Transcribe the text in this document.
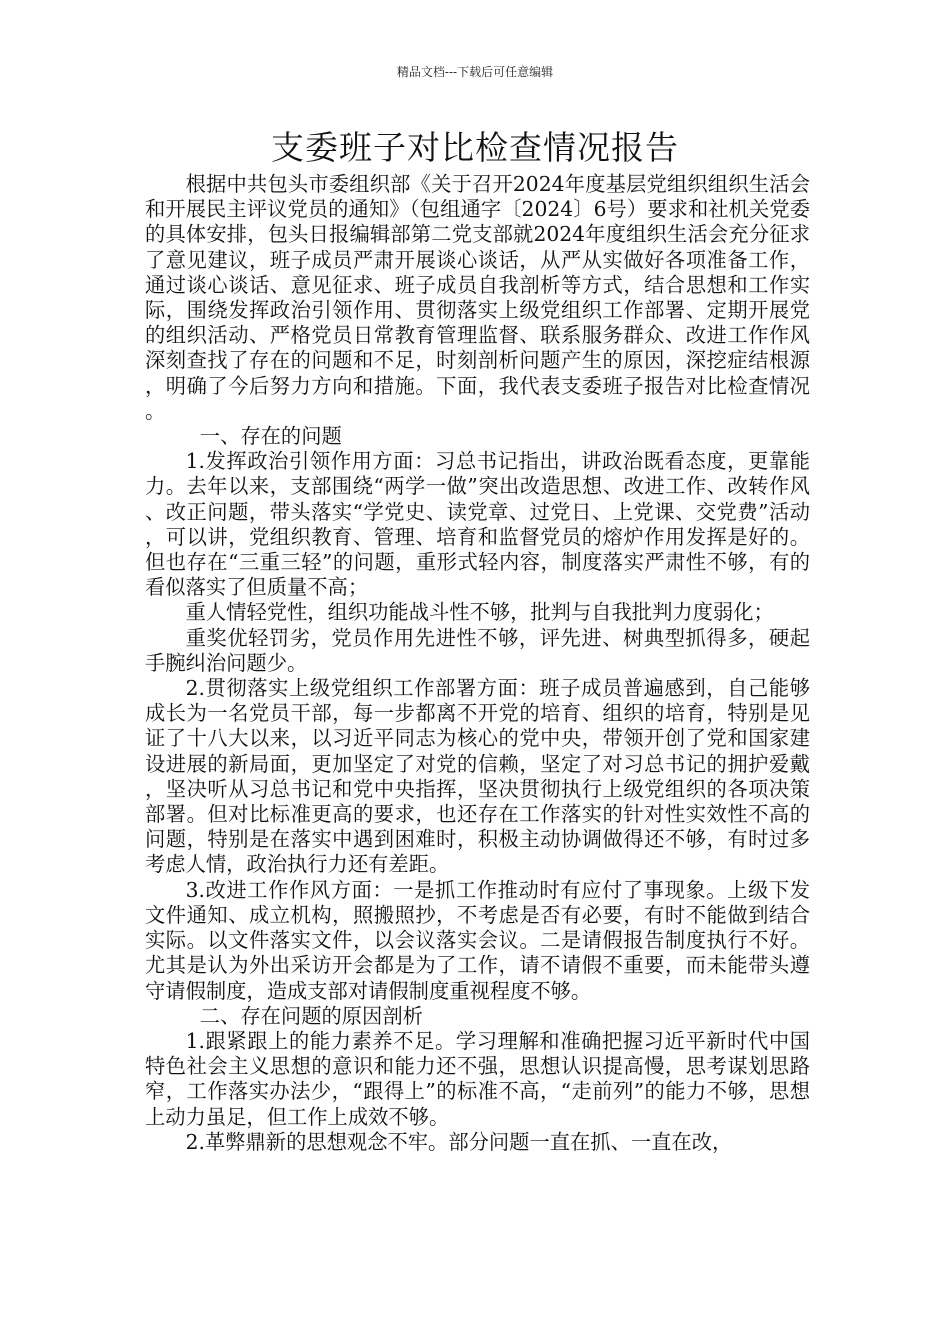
精品文档---下载后可任意编辑
支委班子对比检查情况报告

根据中共包头市委组织部《关于召开2024年度基层党组织组织生活会和开展民主评议党员的通知》（包组通字〔2024〕6号）要求和社机关党委的具体安排，包头日报编辑部第二党支部就2024年度组织生活会充分征求了意见建议，班子成员严肃开展谈心谈话，从严从实做好各项准备工作，通过谈心谈话、意见征求、班子成员自我剖析等方式，结合思想和工作实际，围绕发挥政治引领作用、贯彻落实上级党组织工作部署、定期开展党的组织活动、严格党员日常教育管理监督、联系服务群众、改进工作作风深刻查找了存在的问题和不足，时刻剖析问题产生的原因，深挖症结根源，明确了今后努力方向和措施。下面，我代表支委班子报告对比检查情况。

一、存在的问题

1.发挥政治引领作用方面：习总书记指出，讲政治既看态度，更靠能力。去年以来，支部围绕“两学一做”突出改造思想、改进工作、改转作风、改正问题，带头落实“学党史、读党章、过党日、上党课、交党费”活动，可以讲，党组织教育、管理、培育和监督党员的熔炉作用发挥是好的。但也存在“三重三轻”的问题，重形式轻内容，制度落实严肃性不够，有的看似落实了但质量不高；

重人情轻党性，组织功能战斗性不够，批判与自我批判力度弱化；

重奖优轻罚劣，党员作用先进性不够，评先进、树典型抓得多，硬起手腕纠治问题少。

2.贯彻落实上级党组织工作部署方面：班子成员普遍感到，自己能够成长为一名党员干部，每一步都离不开党的培育、组织的培育，特别是见证了十八大以来，以习近平同志为核心的党中央，带领开创了党和国家建设进展的新局面，更加坚定了对党的信赖，坚定了对习总书记的拥护爱戴，坚决听从习总书记和党中央指挥，坚决贯彻执行上级党组织的各项决策部署。但对比标准更高的要求，也还存在工作落实的针对性实效性不高的问题，特别是在落实中遇到困难时，积极主动协调做得还不够，有时过多考虑人情，政治执行力还有差距。

3.改进工作作风方面：一是抓工作推动时有应付了事现象。上级下发文件通知、成立机构，照搬照抄，不考虑是否有必要，有时不能做到结合实际。以文件落实文件，以会议落实会议。二是请假报告制度执行不好。尤其是认为外出采访开会都是为了工作，请不请假不重要，而未能带头遵守请假制度，造成支部对请假制度重视程度不够。

二、存在问题的原因剖析

1.跟紧跟上的能力素养不足。学习理解和准确把握习近平新时代中国特色社会主义思想的意识和能力还不强，思想认识提高慢，思考谋划思路窄，工作落实办法少，“跟得上”的标准不高，“走前列”的能力不够，思想上动力虽足，但工作上成效不够。

2.革弊鼎新的思想观念不牢。部分问题一直在抓、一直在改，
